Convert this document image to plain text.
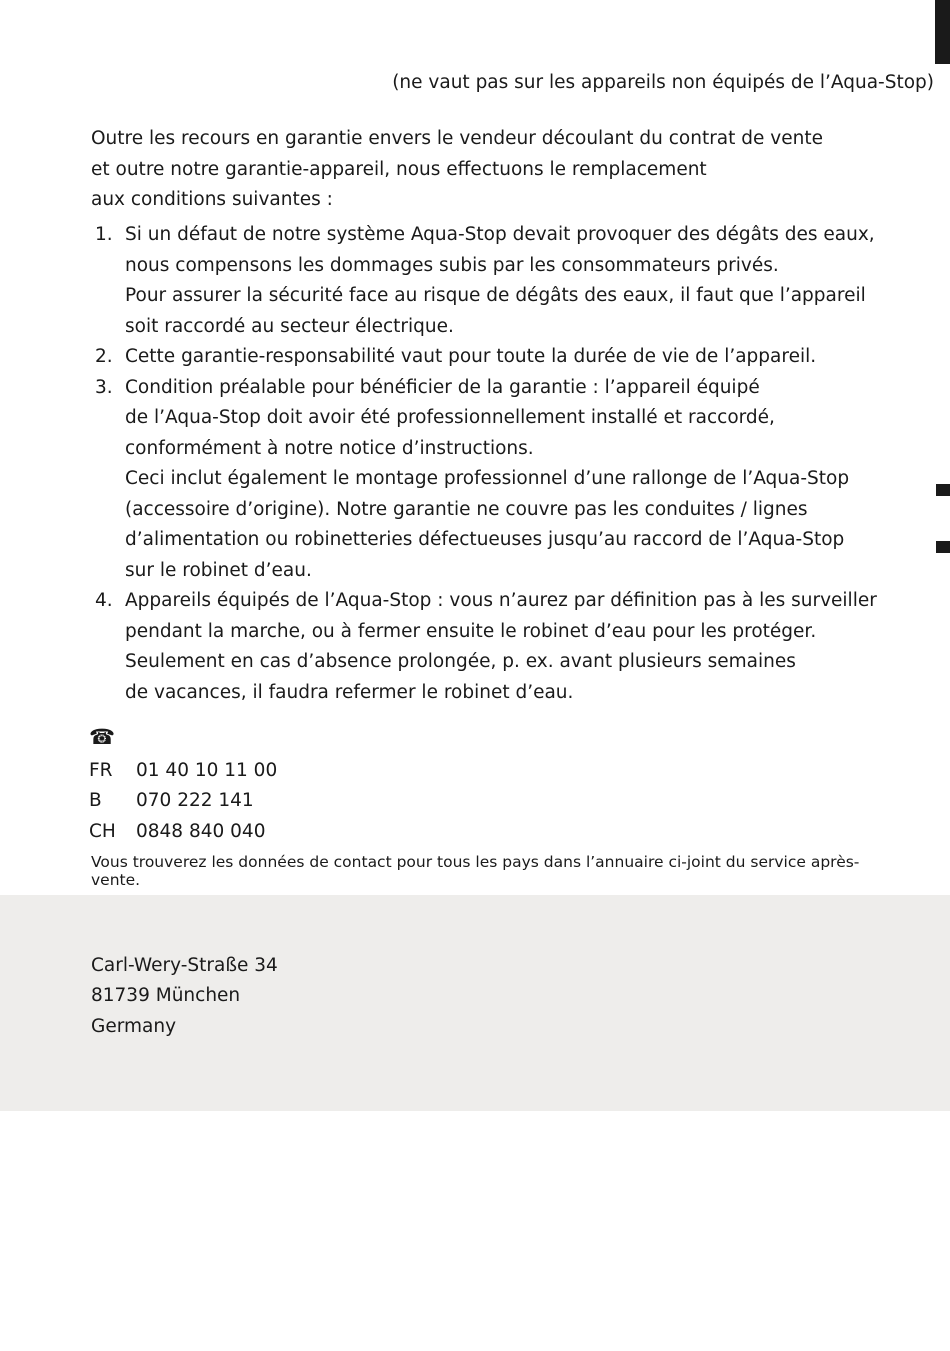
(ne vaut pas sur les appareils non équipés de l’Aqua-Stop)
Outre les recours en garantie envers le vendeur découlant du contrat de vente
et outre notre garantie-appareil, nous effectuons le remplacement
aux conditions suivantes :
1. Si un défaut de notre système Aqua-Stop devait provoquer des dégâts des eaux,
nous compensons les dommages subis par les consommateurs privés.
Pour assurer la sécurité face au risque de dégâts des eaux, il faut que l’appareil
soit raccordé au secteur électrique.
2. Cette garantie-responsabilité vaut pour toute la durée de vie de l’appareil.
3. Condition préalable pour bénéficier de la garantie : l’appareil équipé
de l’Aqua-Stop doit avoir été professionnellement installé et raccordé,
conformément à notre notice d’instructions.
Ceci inclut également le montage professionnel d’une rallonge de l’Aqua-Stop
(accessoire d’origine). Notre garantie ne couvre pas les conduites / lignes
d’alimentation ou robinetteries défectueuses jusqu’au raccord de l’Aqua-Stop
sur le robinet d’eau.
4. Appareils équipés de l’Aqua-Stop : vous n’aurez par définition pas à les surveiller
pendant la marche, ou à fermer ensuite le robinet d’eau pour les protéger.
Seulement en cas d’absence prolongée, p. ex. avant plusieurs semaines
de vacances, il faudra refermer le robinet d’eau.
☎
FR	01 40 10 11 00
B	070 222 141
CH	0848 840 040
Vous trouverez les données de contact pour tous les pays dans l’annuaire ci-joint du service après-vente.
Carl-Wery-Straße 34
81739 München
Germany
